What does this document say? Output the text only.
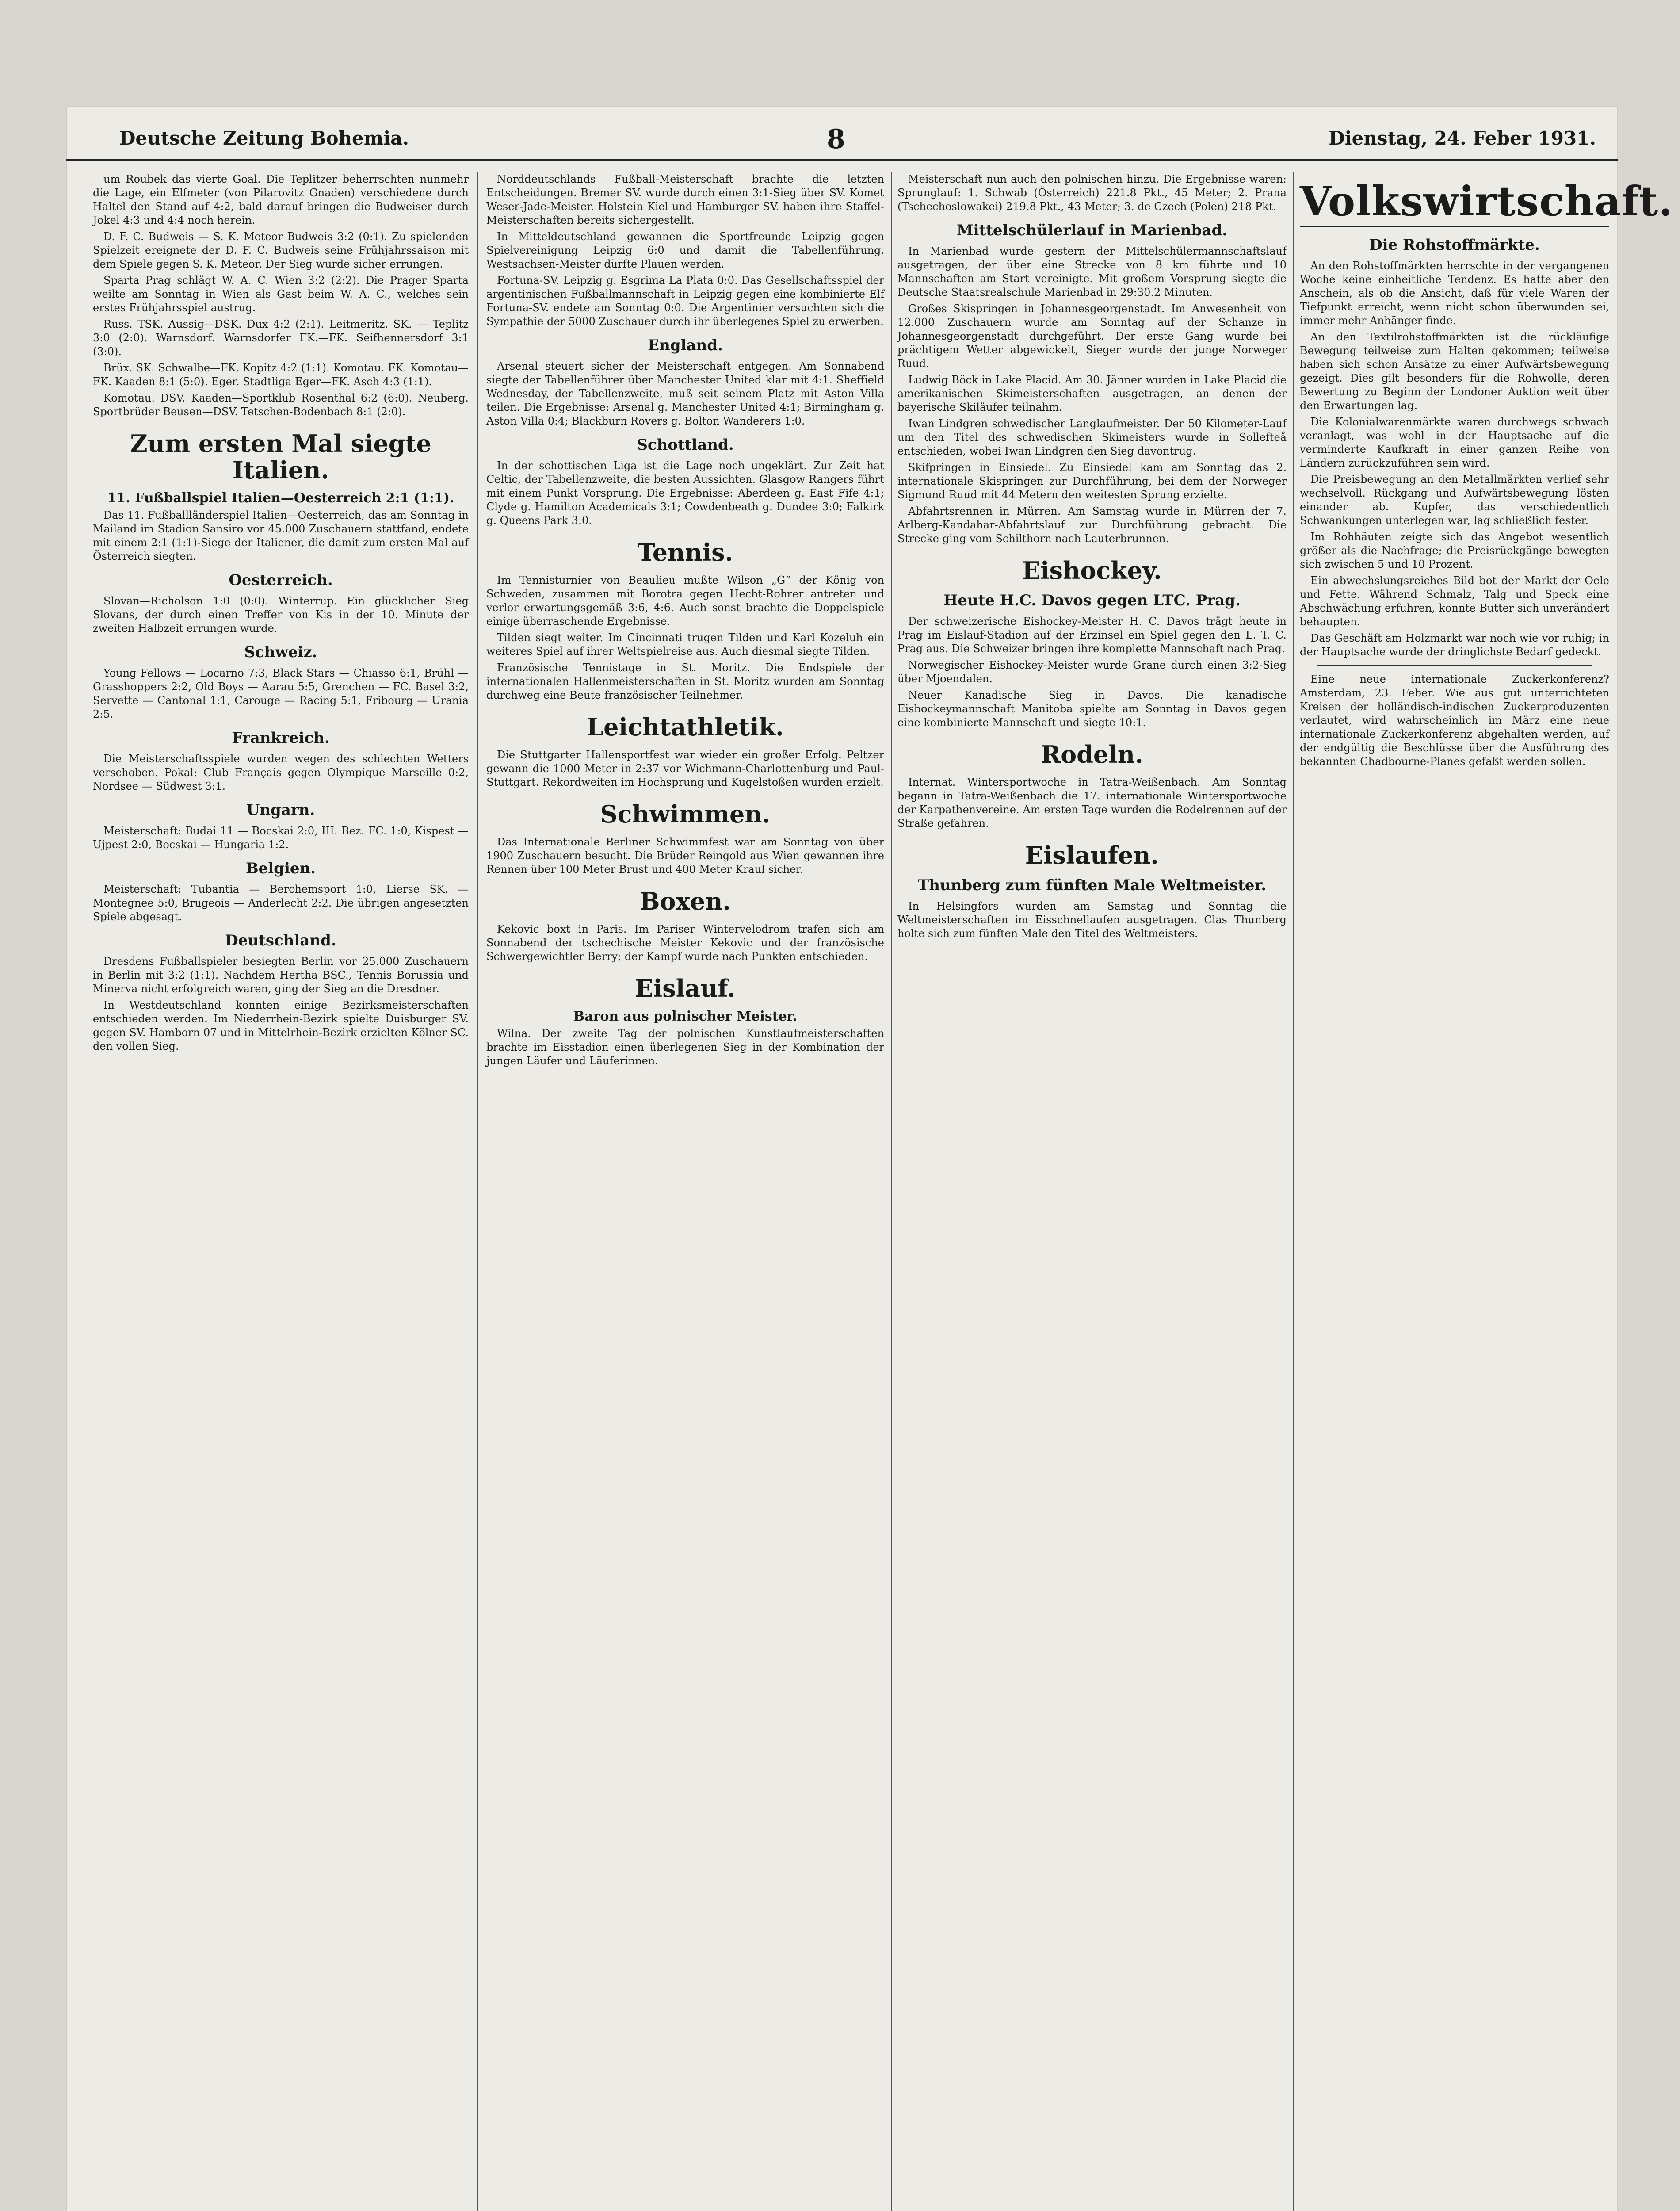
Deutsche Zeitung Bohemia.	8	Dienstag, 24. Feber 1931.

um Roubek das vierte Goal. Die Teplitzer beherrschten nunmehr die Lage, ein Elfmeter (von Pilarovitz Gnaden) verschiedene durch Haltel den Stand auf 4:2, bald darauf bringen die Budweiser durch Jokel 4:3 und 4:4 noch herein.

D. F. C. Budweis — S. K. Meteor Budweis 3:2 (0:1). Zu spielenden Spielzeit ereignete der D. F. C. Budweis seine Frühjahrssaison mit dem Spiele gegen S. K. Meteor. Der Sieg wurde sicher errungen.

Sparta Prag schlägt W. A. C. Wien 3:2 (2:2). Die Prager Sparta weilte am Sonntag in Wien als Gast beim W. A. C., welches sein erstes Frühjahrsspiel austrug.

Russ. TSK. Aussig—DSK. Dux 4:2 (2:1). Leitmeritz. SK. — Teplitz 3:0 (2:0). Warnsdorf. Warnsdorfer FK.—FK. Seifhennersdorf 3:1 (3:0).

Brüx. SK. Schwalbe—FK. Kopitz 4:2 (1:1). Komotau. FK. Komotau—FK. Kaaden 8:1 (5:0). Eger. Stadtliga Eger—FK. Asch 4:3 (1:1).

Komotau. DSV. Kaaden—Sportklub Rosenthal 6:2 (6:0). Neuberg. Sportbrüder Beusen—DSV. Tetschen-Bodenbach 8:1 (2:0).

Zum ersten Mal siegte Italien.
11. Fußballspiel Italien—Oesterreich 2:1 (1:1).

Das 11. Fußballländerspiel Italien—Oesterreich, das am Sonntag in Mailand im Stadion Sansiro vor 45.000 Zuschauern stattfand, endete mit einem 2:1 (1:1)-Siege der Italiener, die damit zum ersten Mal auf Österreich siegten.

Oesterreich.

Slovan—Richolson 1:0 (0:0). Winterrup. Ein glücklicher Sieg Slovans, der durch einen Treffer von Kis in der 10. Minute der zweiten Halbzeit errungen wurde.

Schweiz.

Young Fellows — Locarno 7:3, Black Stars — Chiasso 6:1, Brühl — Grasshoppers 2:2, Old Boys — Aarau 5:5, Grenchen — FC. Basel 3:2, Servette — Cantonal 1:1, Carouge — Racing 5:1, Fribourg — Urania 2:5.

Frankreich.

Die Meisterschaftsspiele wurden wegen des schlechten Wetters verschoben. Pokal: Club Français gegen Olympique Marseille 0:2, Nordsee — Südwest 3:1.

Ungarn.

Meisterschaft: Budai 11 — Bocskai 2:0, III. Bez. FC. 1:0, Kispest — Ujpest 2:0, Bocskai — Hungaria 1:2.

Belgien.

Meisterschaft: Tubantia — Berchemsport 1:0, Lierse SK. — Montegnee 5:0, Brugeois — Anderlecht 2:2. Die übrigen angesetzten Spiele abgesagt.

Deutschland.

Dresdens Fußballspieler besiegten Berlin vor 25.000 Zuschauern in Berlin mit 3:2 (1:1). Nachdem Hertha BSC., Tennis Borussia und Minerva nicht erfolgreich waren, ging der Sieg an die Dresdner.

In Westdeutschland konnten einige Bezirksmeisterschaften entschieden werden. Im Niederrhein-Bezirk spielte Duisburger SV. gegen SV. Hamborn 07 und in Mittelrhein-Bezirk erzielten Kölner SC. den vollen Sieg.

Norddeutschlands Fußball-Meisterschaft brachte die letzten Entscheidungen. Bremer SV. wurde durch einen 3:1-Sieg über SV. Komet Weser-Jade-Meister. Holstein Kiel und Hamburger SV. haben ihre Staffel-Meisterschaften bereits sichergestellt.

In Mitteldeutschland gewannen die Sportfreunde Leipzig gegen Spielvereinigung Leipzig 6:0 und damit die Tabellenführung. Westsachsen-Meister dürfte Plauen werden.

Fortuna-SV. Leipzig g. Esgrima La Plata 0:0. Das Gesellschaftsspiel der argentinischen Fußballmannschaft in Leipzig gegen eine kombinierte Elf Fortuna-SV. endete am Sonntag 0:0. Die Argentinier versuchten sich die Sympathie der 5000 Zuschauer durch ihr überlegenes Spiel zu erwerben.

England.

Arsenal steuert sicher der Meisterschaft entgegen. Am Sonnabend siegte der Tabellenführer über Manchester United klar mit 4:1. Sheffield Wednesday, der Tabellenzweite, muß seit seinem Platz mit Aston Villa teilen. Die Ergebnisse: Arsenal g. Manchester United 4:1; Birmingham g. Aston Villa 0:4; Blackburn Rovers g. Bolton Wanderers 1:0.

Schottland.

In der schottischen Liga ist die Lage noch ungeklärt. Zur Zeit hat Celtic, der Tabellenzweite, die besten Aussichten. Glasgow Rangers führt mit einem Punkt Vorsprung. Die Ergebnisse: Aberdeen g. East Fife 4:1; Clyde g. Hamilton Academicals 3:1; Cowdenbeath g. Dundee 3:0; Falkirk g. Queens Park 3:0.

Tennis.

Im Tennisturnier von Beaulieu mußte Wilson „G“ der König von Schweden, zusammen mit Borotra gegen Hecht-Rohrer antreten und verlor erwartungsgemäß 3:6, 4:6. Auch sonst brachte die Doppelspiele einige überraschende Ergebnisse.

Tilden siegt weiter. Im Cincinnati trugen Tilden und Karl Kozeluh ein weiteres Spiel auf ihrer Weltspielreise aus. Auch diesmal siegte Tilden.

Französische Tennistage in St. Moritz. Die Endspiele der internationalen Hallenmeisterschaften in St. Moritz wurden am Sonntag durchweg eine Beute französischer Teilnehmer.

Leichtathletik.

Die Stuttgarter Hallensportfest war wieder ein großer Erfolg. Peltzer gewann die 1000 Meter in 2:37 vor Wichmann-Charlottenburg und Paul-Stuttgart. Rekordweiten im Hochsprung und Kugelstoßen wurden erzielt.

Schwimmen.

Das Internationale Berliner Schwimmfest war am Sonntag von über 1900 Zuschauern besucht. Die Brüder Reingold aus Wien gewannen ihre Rennen über 100 Meter Brust und 400 Meter Kraul sicher.

Boxen.

Kekovic boxt in Paris. Im Pariser Wintervelodrom trafen sich am Sonnabend der tschechische Meister Kekovic und der französische Schwergewichtler Berry; der Kampf wurde nach Punkten entschieden.

Eislauf.
Baron aus polnischer Meister.

Wilna. Der zweite Tag der polnischen Kunstlaufmeisterschaften brachte im Eisstadion einen überlegenen Sieg in der Kombination der jungen Läufer und Läuferinnen.

Meisterschaft nun auch den polnischen hinzu. Die Ergebnisse waren: Sprunglauf: 1. Schwab (Österreich) 221.8 Pkt., 45 Meter; 2. Prana (Tschechoslowakei) 219.8 Pkt., 43 Meter; 3. de Czech (Polen) 218 Pkt.

Mittelschülerlauf in Marienbad.

In Marienbad wurde gestern der Mittelschülermannschaftslauf ausgetragen, der über eine Strecke von 8 km führte und 10 Mannschaften am Start vereinigte. Mit großem Vorsprung siegte die Deutsche Staatsrealschule Marienbad in 29:30.2 Minuten.

Großes Skispringen in Johannesgeorgenstadt. Im Anwesenheit von 12.000 Zuschauern wurde am Sonntag auf der Schanze in Johannesgeorgenstadt durchgeführt. Der erste Gang wurde bei prächtigem Wetter abgewickelt, Sieger wurde der junge Norweger Ruud.

Ludwig Böck in Lake Placid. Am 30. Jänner wurden in Lake Placid die amerikanischen Skimeisterschaften ausgetragen, an denen der bayerische Skiläufer teilnahm.

Iwan Lindgren schwedischer Langlaufmeister. Der 50 Kilometer-Lauf um den Titel des schwedischen Skimeisters wurde in Sollefteå entschieden, wobei Iwan Lindgren den Sieg davontrug.

Skifpringen in Einsiedel. Zu Einsiedel kam am Sonntag das 2. internationale Skispringen zur Durchführung, bei dem der Norweger Sigmund Ruud mit 44 Metern den weitesten Sprung erzielte.

Abfahrtsrennen in Mürren. Am Samstag wurde in Mürren der 7. Arlberg-Kandahar-Abfahrtslauf zur Durchführung gebracht. Die Strecke ging vom Schilthorn nach Lauterbrunnen.

Eishockey.
Heute H.C. Davos gegen LTC. Prag.

Der schweizerische Eishockey-Meister H. C. Davos trägt heute in Prag im Eislauf-Stadion auf der Erzinsel ein Spiel gegen den L. T. C. Prag aus. Die Schweizer bringen ihre komplette Mannschaft nach Prag.

Norwegischer Eishockey-Meister wurde Grane durch einen 3:2-Sieg über Mjoendalen.

Neuer Kanadische Sieg in Davos. Die kanadische Eishockeymannschaft Manitoba spielte am Sonntag in Davos gegen eine kombinierte Mannschaft und siegte 10:1.

Rodeln.

Internat. Wintersportwoche in Tatra-Weißenbach. Am Sonntag begann in Tatra-Weißenbach die 17. internationale Wintersportwoche der Karpathenvereine. Am ersten Tage wurden die Rodelrennen auf der Straße gefahren.

Eislaufen.
Thunberg zum fünften Male Weltmeister.

In Helsingfors wurden am Samstag und Sonntag die Weltmeisterschaften im Eisschnellaufen ausgetragen. Clas Thunberg holte sich zum fünften Male den Titel des Weltmeisters.

Volkswirtschaft.
Die Rohstoffmärkte.

An den Rohstoffmärkten herrschte in der vergangenen Woche keine einheitliche Tendenz. Es hatte aber den Anschein, als ob die Ansicht, daß für viele Waren der Tiefpunkt erreicht, wenn nicht schon überwunden sei, immer mehr Anhänger finde.

An den Textilrohstoffmärkten ist die rückläufige Bewegung teilweise zum Halten gekommen; teilweise haben sich schon Ansätze zu einer Aufwärtsbewegung gezeigt. Dies gilt besonders für die Rohwolle, deren Bewertung zu Beginn der Londoner Auktion weit über den Erwartungen lag.

Die Kolonialwarenmärkte waren durchwegs schwach veranlagt, was wohl in der Hauptsache auf die verminderte Kaufkraft in einer ganzen Reihe von Ländern zurückzuführen sein wird.

Die Preisbewegung an den Metallmärkten verlief sehr wechselvoll. Rückgang und Aufwärtsbewegung lösten einander ab. Kupfer, das verschiedentlich Schwankungen unterlegen war, lag schließlich fester.

Im Rohhäuten zeigte sich das Angebot wesentlich größer als die Nachfrage; die Preisrückgänge bewegten sich zwischen 5 und 10 Prozent.

Ein abwechslungsreiches Bild bot der Markt der Oele und Fette. Während Schmalz, Talg und Speck eine Abschwächung erfuhren, konnte Butter sich unverändert behaupten.

Das Geschäft am Holzmarkt war noch wie vor ruhig; in der Hauptsache wurde der dringlichste Bedarf gedeckt.

Eine neue internationale Zuckerkonferenz? Amsterdam, 23. Feber. Wie aus gut unterrichteten Kreisen der holländisch-indischen Zuckerproduzenten verlautet, wird wahrscheinlich im März eine neue internationale Zuckerkonferenz abgehalten werden, auf der endgültig die Beschlüsse über die Ausführung des bekannten Chadbourne-Planes gefaßt werden sollen.
